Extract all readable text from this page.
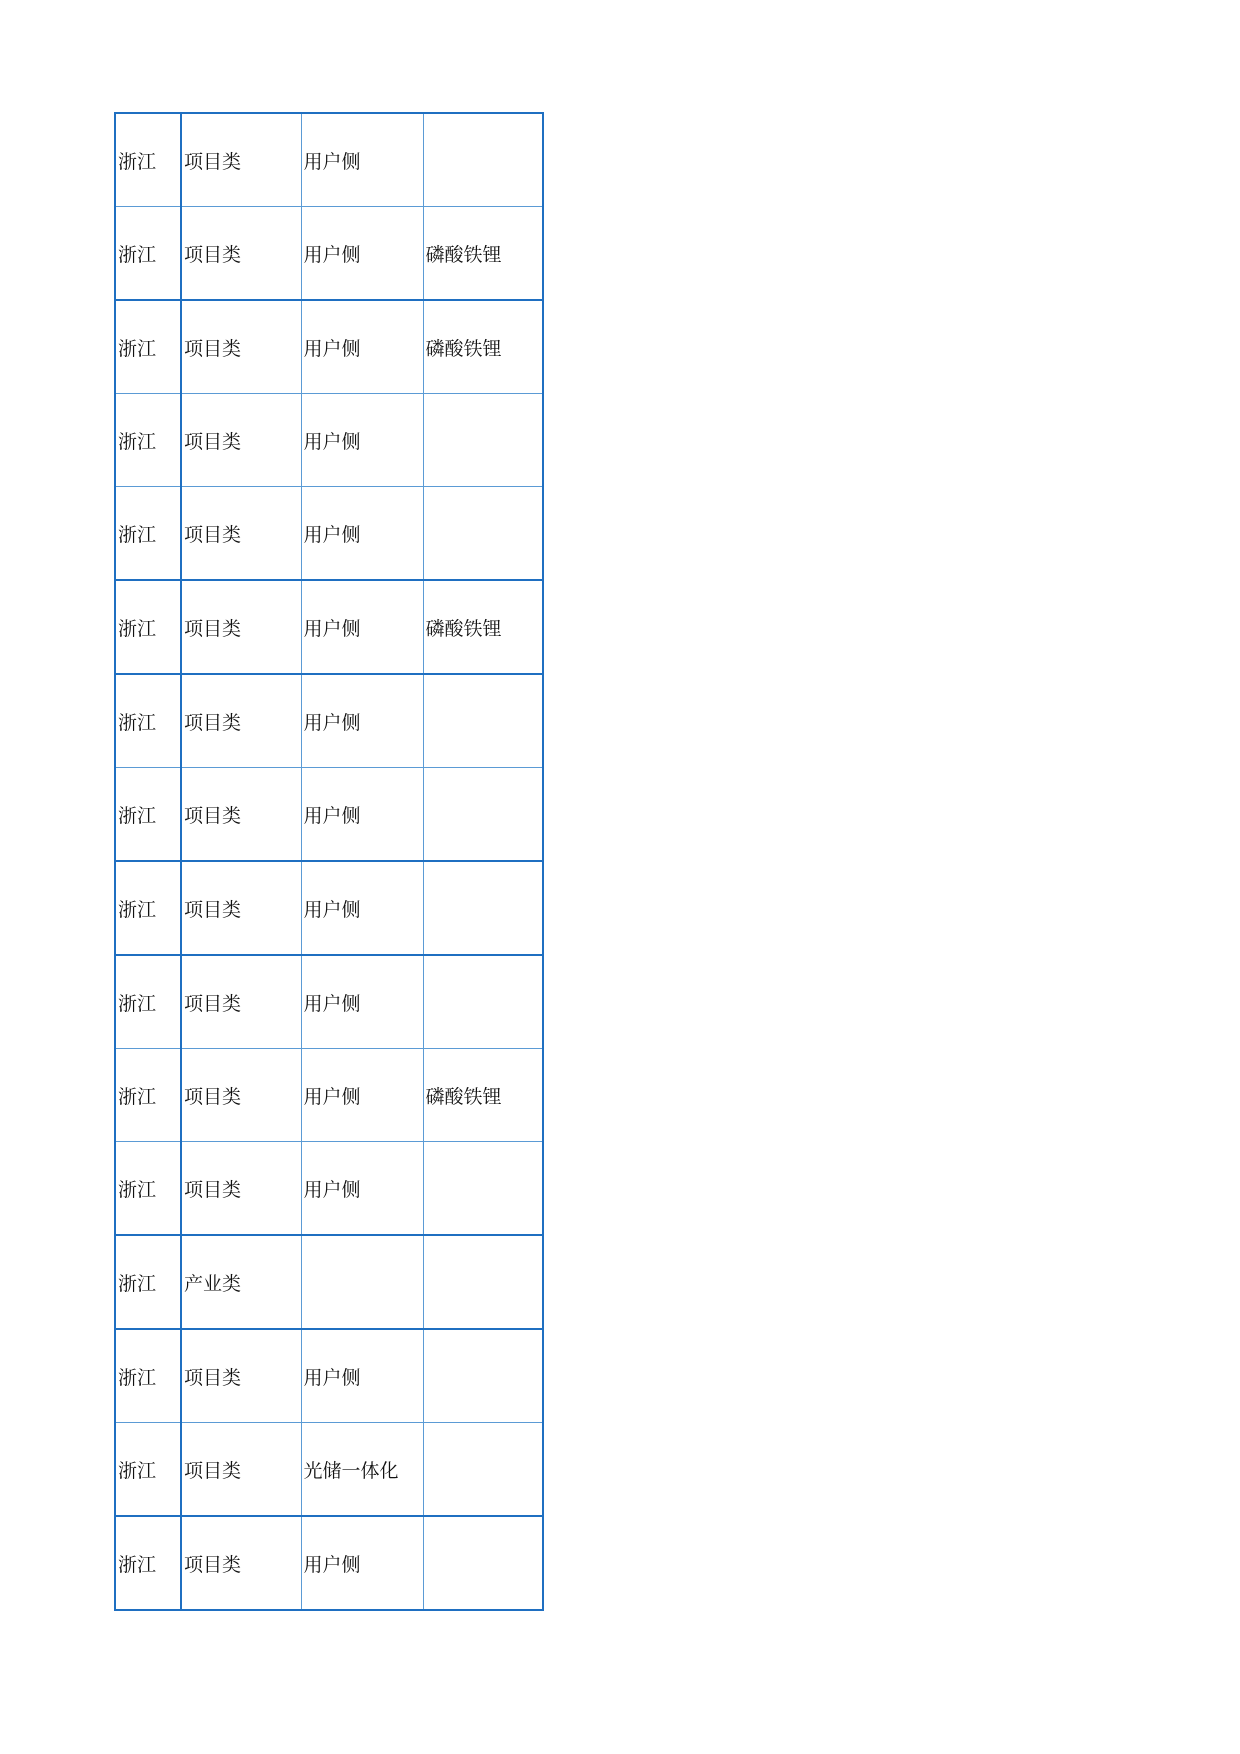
浙江	项目类	用户侧	
浙江	项目类	用户侧	磷酸铁锂
浙江	项目类	用户侧	磷酸铁锂
浙江	项目类	用户侧	
浙江	项目类	用户侧	
浙江	项目类	用户侧	磷酸铁锂
浙江	项目类	用户侧	
浙江	项目类	用户侧	
浙江	项目类	用户侧	
浙江	项目类	用户侧	
浙江	项目类	用户侧	磷酸铁锂
浙江	项目类	用户侧	
浙江	产业类		
浙江	项目类	用户侧	
浙江	项目类	光储一体化	
浙江	项目类	用户侧	
